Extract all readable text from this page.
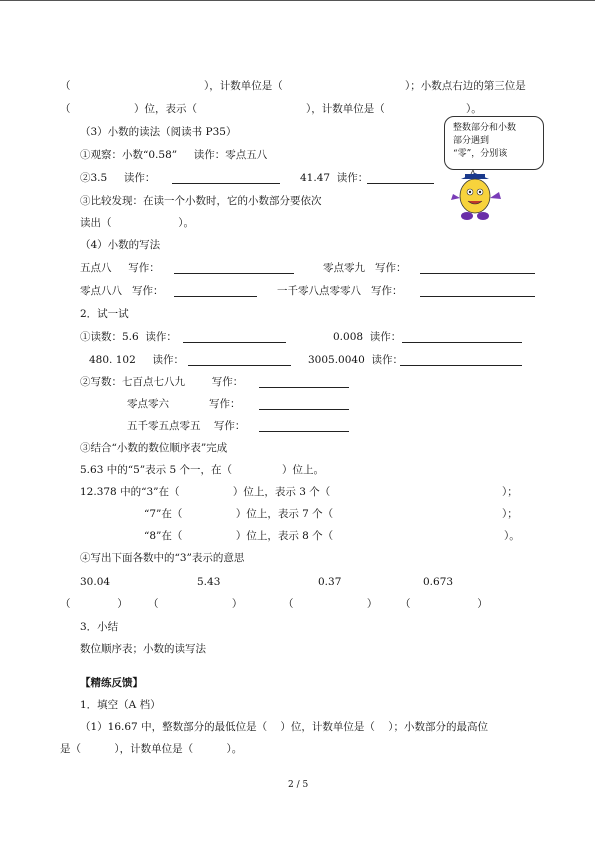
（	），计数单位是（	）；小数点右边的第三位是
（	）位，表示（	），计数单位是（	）。
（3）小数的读法（阅读书 P35）
①观察：小数“0.58”     读作：零点五八
②3.5     读作：	41.47  读作：
③比较发现：在读一个小数时，它的小数部分要依次
读出（                    ）。
整数部分和小数
部分遇到
“零”，分别该
（4）小数的写法
五点八     写作：	零点零九   写作：
零点八八   写作：	一千零八点零零八   写作：
2．试一试
①读数：5.6  读作：	0.008  读作：
480. 102     读作：	3005.0040  读作：
②写数：七百点七八九        写作：
零点零六            写作：
五千零五点零五    写作：
③结合“小数的数位顺序表”完成
5.63 中的“5”表示 5 个一，在（               ）位上。
12.378 中的“3”在（                ）位上，表示 3 个（	）；
“7”在（                ）位上，表示 7 个（	）；
“8”在（                ）位上，表示 8 个（	）。
④写出下面各数中的“3”表示的意思
30.04	5.43	0.37	0.673
（              ） （                      ）	（                      ） （                    ）
3．小结
数位顺序表；小数的读写法
【精练反馈】
1．填空（A 档）
（1）16.67 中，整数部分的最低位是（    ）位，计数单位是（    ）；小数部分的最高位
是（          ），计数单位是（          ）。
2 / 5
